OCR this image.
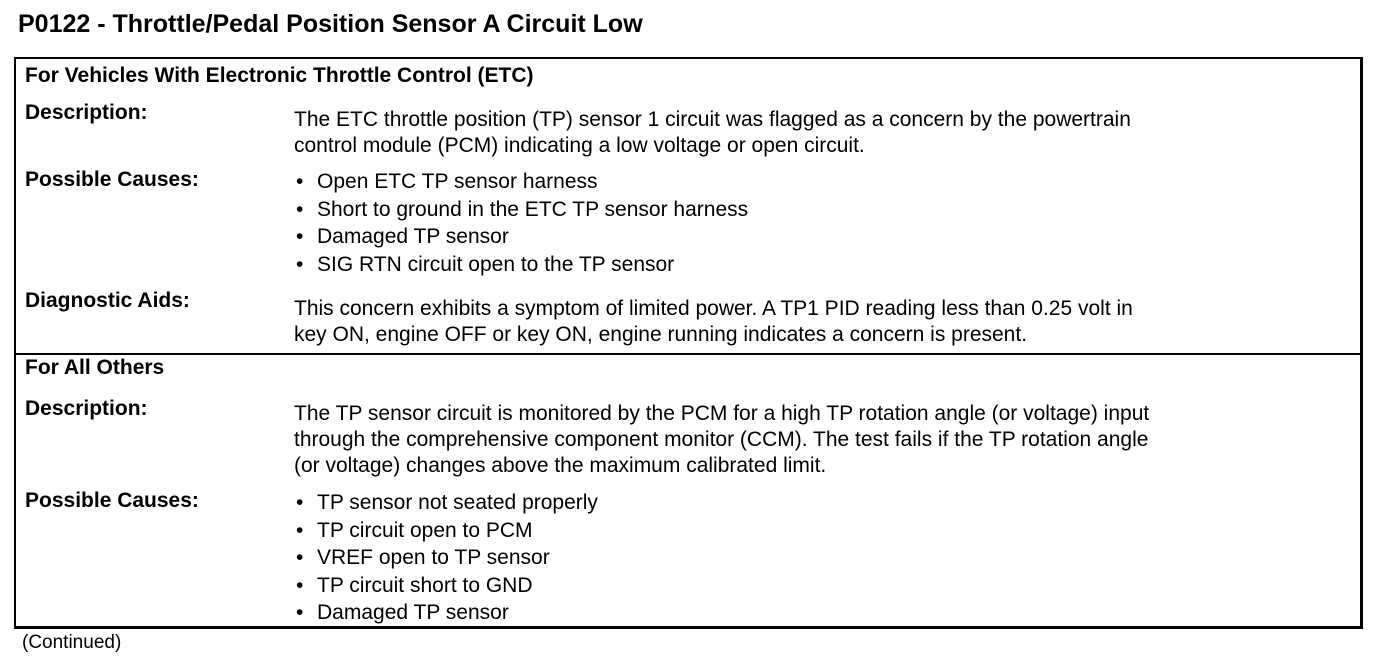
P0122 - Throttle/Pedal Position Sensor A Circuit Low
For Vehicles With Electronic Throttle Control (ETC)
Description:	The ETC throttle position (TP) sensor 1 circuit was flagged as a concern by the powertrain
control module (PCM) indicating a low voltage or open circuit.
Possible Causes:	• Open ETC TP sensor harness
• Short to ground in the ETC TP sensor harness
• Damaged TP sensor
• SIG RTN circuit open to the TP sensor
Diagnostic Aids:	This concern exhibits a symptom of limited power. A TP1 PID reading less than 0.25 volt in
key ON, engine OFF or key ON, engine running indicates a concern is present.
For All Others
Description:	The TP sensor circuit is monitored by the PCM for a high TP rotation angle (or voltage) input
through the comprehensive component monitor (CCM). The test fails if the TP rotation angle
(or voltage) changes above the maximum calibrated limit.
Possible Causes:	• TP sensor not seated properly
• TP circuit open to PCM
• VREF open to TP sensor
• TP circuit short to GND
• Damaged TP sensor
(Continued)
